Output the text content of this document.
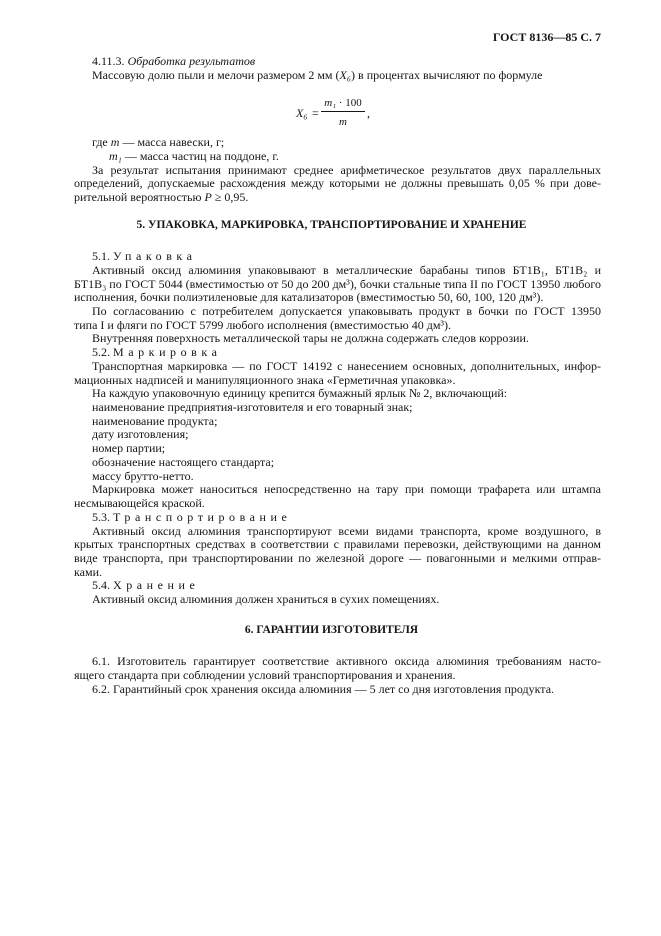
ГОСТ 8136—85 С. 7
4.11.3. Обработка результатов
Массовую долю пыли и мелочи размером 2 мм (X₆) в процентах вычисляют по формуле
X₆ =
m₁ · 100
m
,
где m — масса навески, г;
m₁ — масса частиц на поддоне, г.
За результат испытания принимают среднее арифметическое результатов двух параллельных
определений, допускаемые расхождения между которыми не должны превышать 0,05 % при дове-
рительной вероятностью P ≥ 0,95.
5. УПАКОВКА, МАРКИРОВКА, ТРАНСПОРТИРОВАНИЕ И ХРАНЕНИЕ
5.1. Упаковка
Активный оксид алюминия упаковывают в металлические барабаны типов БТ1В₁, БТ1В₂ и
БТ1В₃ по ГОСТ 5044 (вместимостью от 50 до 200 дм³), бочки стальные типа II по ГОСТ 13950 любого
исполнения, бочки полиэтиленовые для катализаторов (вместимостью 50, 60, 100, 120 дм³).
По согласованию с потребителем допускается упаковывать продукт в бочки по ГОСТ 13950
типа I и фляги по ГОСТ 5799 любого исполнения (вместимостью 40 дм³).
Внутренняя поверхность металлической тары не должна содержать следов коррозии.
5.2. Маркировка
Транспортная маркировка — по ГОСТ 14192 с нанесением основных, дополнительных, инфор-
мационных надписей и манипуляционного знака «Герметичная упаковка».
На каждую упаковочную единицу крепится бумажный ярлык № 2, включающий:
наименование предприятия-изготовителя и его товарный знак;
наименование продукта;
дату изготовления;
номер партии;
обозначение настоящего стандарта;
массу брутто-нетто.
Маркировка может наноситься непосредственно на тару при помощи трафарета или штампа
несмывающейся краской.
5.3. Транспортирование
Активный оксид алюминия транспортируют всеми видами транспорта, кроме воздушного, в
крытых транспортных средствах в соответствии с правилами перевозки, действующими на данном
виде транспорта, при транспортировании по железной дороге — повагонными и мелкими отправ-
ками.
5.4. Хранение
Активный оксид алюминия должен храниться в сухих помещениях.
6. ГАРАНТИИ ИЗГОТОВИТЕЛЯ
6.1. Изготовитель гарантирует соответствие активного оксида алюминия требованиям насто-
ящего стандарта при соблюдении условий транспортирования и хранения.
6.2. Гарантийный срок хранения оксида алюминия — 5 лет со дня изготовления продукта.
